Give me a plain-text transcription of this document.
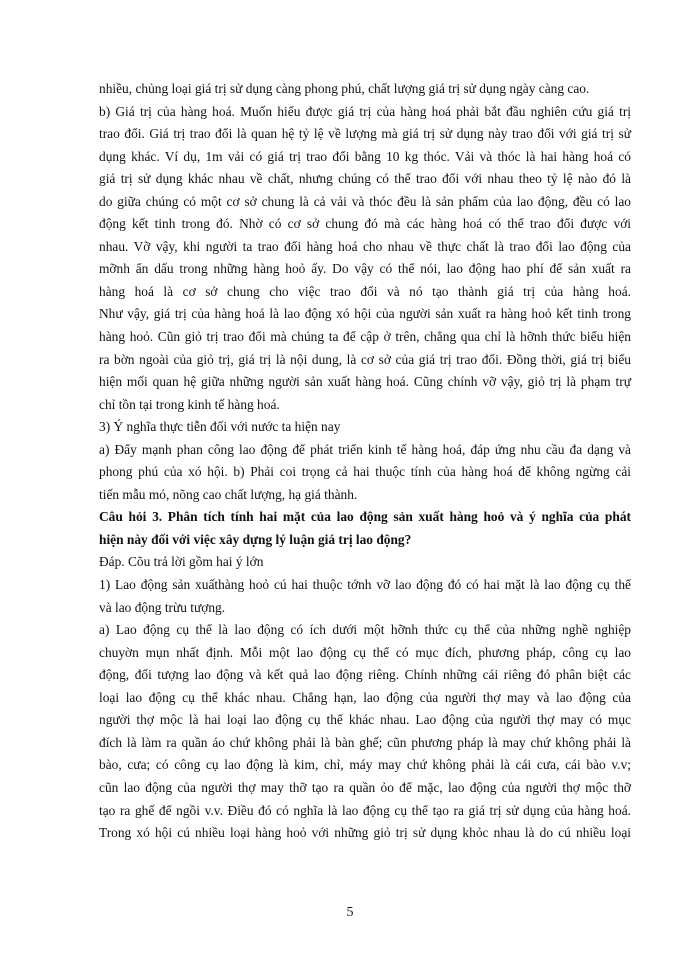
nhiều, chủng loại giá trị sử dụng càng phong phú, chất lượng giá trị sử dụng ngày càng cao.
b) Giá trị của hàng hoá. Muốn hiểu được giá trị của hàng hoá phải bắt đầu nghiên cứu giá trị
trao đổi. Giá trị trao đổi là quan hệ tỷ lệ về lượng mà giá trị sử dụng này trao đổi với giá trị sử
dụng khác. Ví dụ, 1m vải có giá trị trao đổi bằng 10 kg thóc. Vải và thóc là hai hàng hoá có
giá trị sử dụng khác nhau về chất, nhưng chúng có thể trao đổi với nhau theo tỷ lệ nào đó là
do giữa chúng có một cơ sở chung là cả vải và thóc đều là sản phẩm của lao động, đều có lao
động kết tinh trong đó. Nhờ có cơ sở chung đó mà các hàng hoá có thể trao đổi được với
nhau. Vỡ vậy, khi người ta trao đổi hàng hoá cho nhau về thực chất là trao đổi lao động của
mỡnh ẩn dấu trong những hàng hoỏ ấy. Do vậy có thể nói, lao động hao phí để sản xuất ra
hàng hoá là cơ sở chung cho việc trao đổi và nó tạo thành giá trị của hàng hoá.
Như vậy, giá trị của hàng hoá là lao động xó hội của người sản xuất ra hàng hoỏ kết tinh trong
hàng hoỏ. Cũn giỏ trị trao đổi mà chúng ta để cập ở trên, chẳng qua chỉ là hỡnh thức biểu hiện
ra bờn ngoài của giỏ trị, giá trị là nội dung, là cơ sở của giá trị trao đổi. Đồng thời, giá trị biểu
hiện mối quan hệ giữa những người sản xuất hàng hoá. Cũng chính vỡ vậy, giỏ trị là phạm trự
chỉ tồn tại trong kinh tế hàng hoá.
3) Ý nghĩa thực tiễn đối với nước ta hiện nay
a) Đẩy mạnh phan công lao động để phát triển kinh tế hàng hoá, đáp ứng nhu cầu đa dạng và
phong phú của xó hội. b) Phải coi trọng cả hai thuộc tính của hàng hoá để không ngừng cải
tiến mẫu mó, nõng cao chất lượng, hạ giá thành.
Câu hỏi 3. Phân tích tính hai mặt của lao động sản xuất hàng hoỏ và ý nghĩa của phát
hiện này đối với việc xây dựng lý luận giá trị lao động?
Đáp. Cõu trả lời gồm hai ý lớn
1) Lao động sản xuấthàng hoỏ cú hai thuộc tớnh vỡ lao động đó có hai mặt là lao động cụ thể
và lao động trừu tượng.
a) Lao động cụ thể là lao động có ích dưới một hỡnh thức cụ thể của những nghề nghiệp
chuyờn mụn nhất định. Mỗi một lao động cụ thể có mục đích, phương pháp, công cụ lao
động, đối tượng lao động và kết quả lao động riêng. Chính những cái riêng đó phân biệt các
loại lao động cụ thể khác nhau. Chẳng hạn, lao động của người thợ may và lao động của
người thợ mộc là hai loại lao động cụ thể khác nhau. Lao động của người thợ may có mục
đích là làm ra quần áo chứ không phải là bàn ghế; cũn phương pháp là may chứ không phải là
bào, cưa; có công cụ lao động là kim, chỉ, máy may chứ không phải là cái cưa, cái bào v.v;
cũn lao động của người thợ may thỡ tạo ra quần ỏo để mặc, lao động của người thợ mộc thỡ
tạo ra ghế để ngồi v.v. Điều đó có nghĩa là lao động cụ thể tạo ra giá trị sử dụng của hàng hoá.
Trong xó hội cú nhiều loại hàng hoỏ với những giỏ trị sử dụng khỏc nhau là do cú nhiều loại
5
